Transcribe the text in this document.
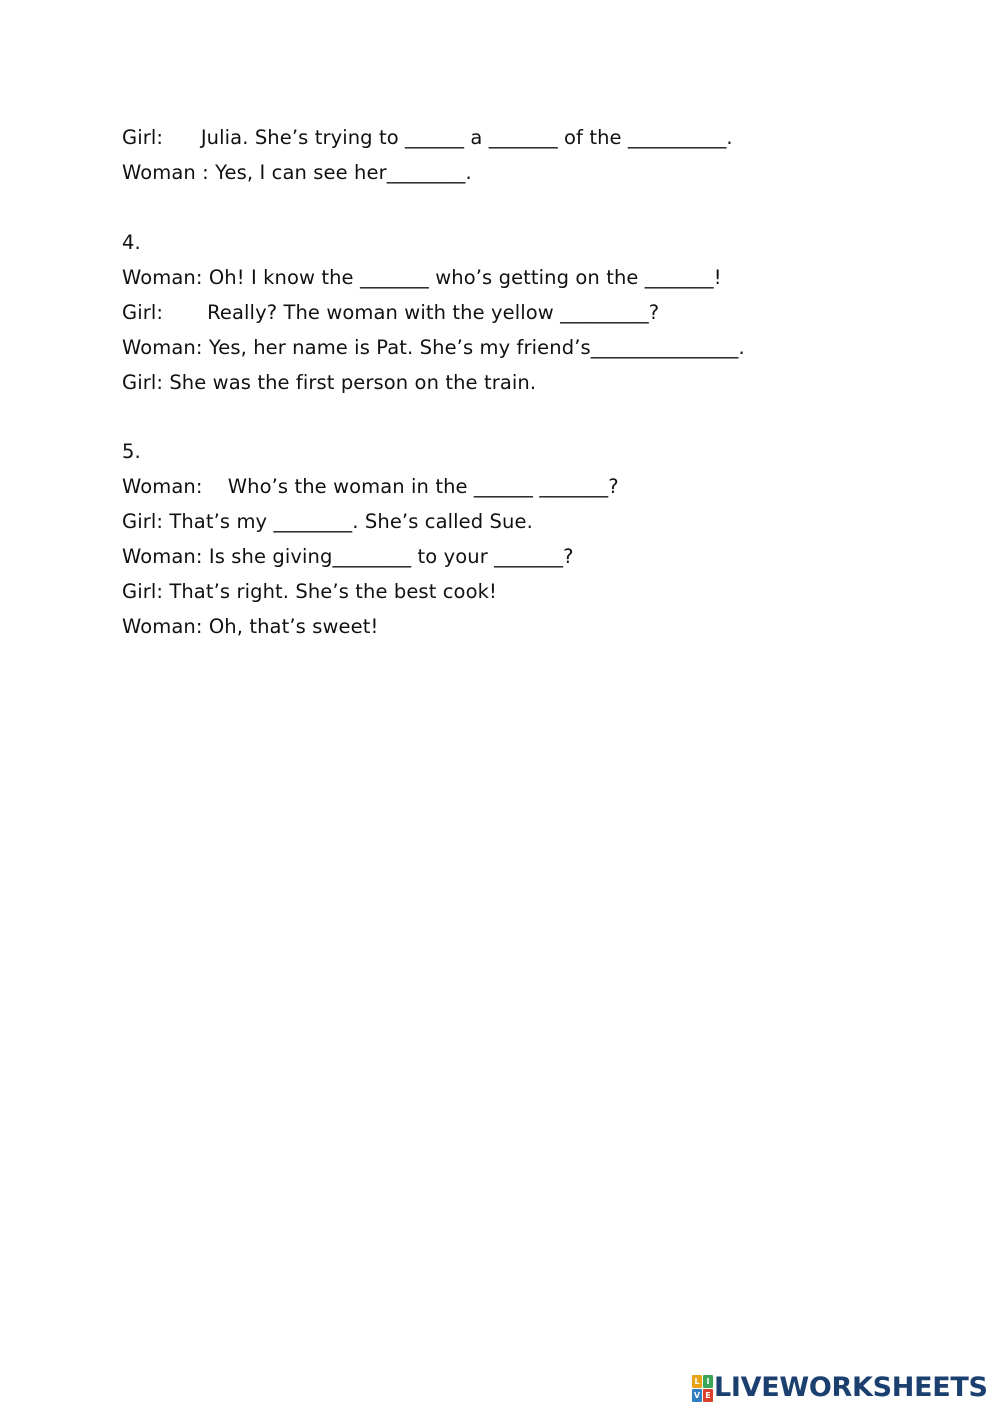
Girl:      Julia. She’s trying to ______ a _______ of the __________.
Woman : Yes, I can see her________.
4.
Woman: Oh! I know the _______ who’s getting on the _______!
Girl:       Really? The woman with the yellow _________?
Woman: Yes, her name is Pat. She’s my friend’s_______________.
Girl: She was the first person on the train.
5.
Woman:    Who’s the woman in the ______ _______?
Girl: That’s my ________. She’s called Sue.
Woman: Is she giving________ to your _______?
Girl: That’s right. She’s the best cook!
Woman: Oh, that’s sweet!
L I
V E LIVEWORKSHEETS
